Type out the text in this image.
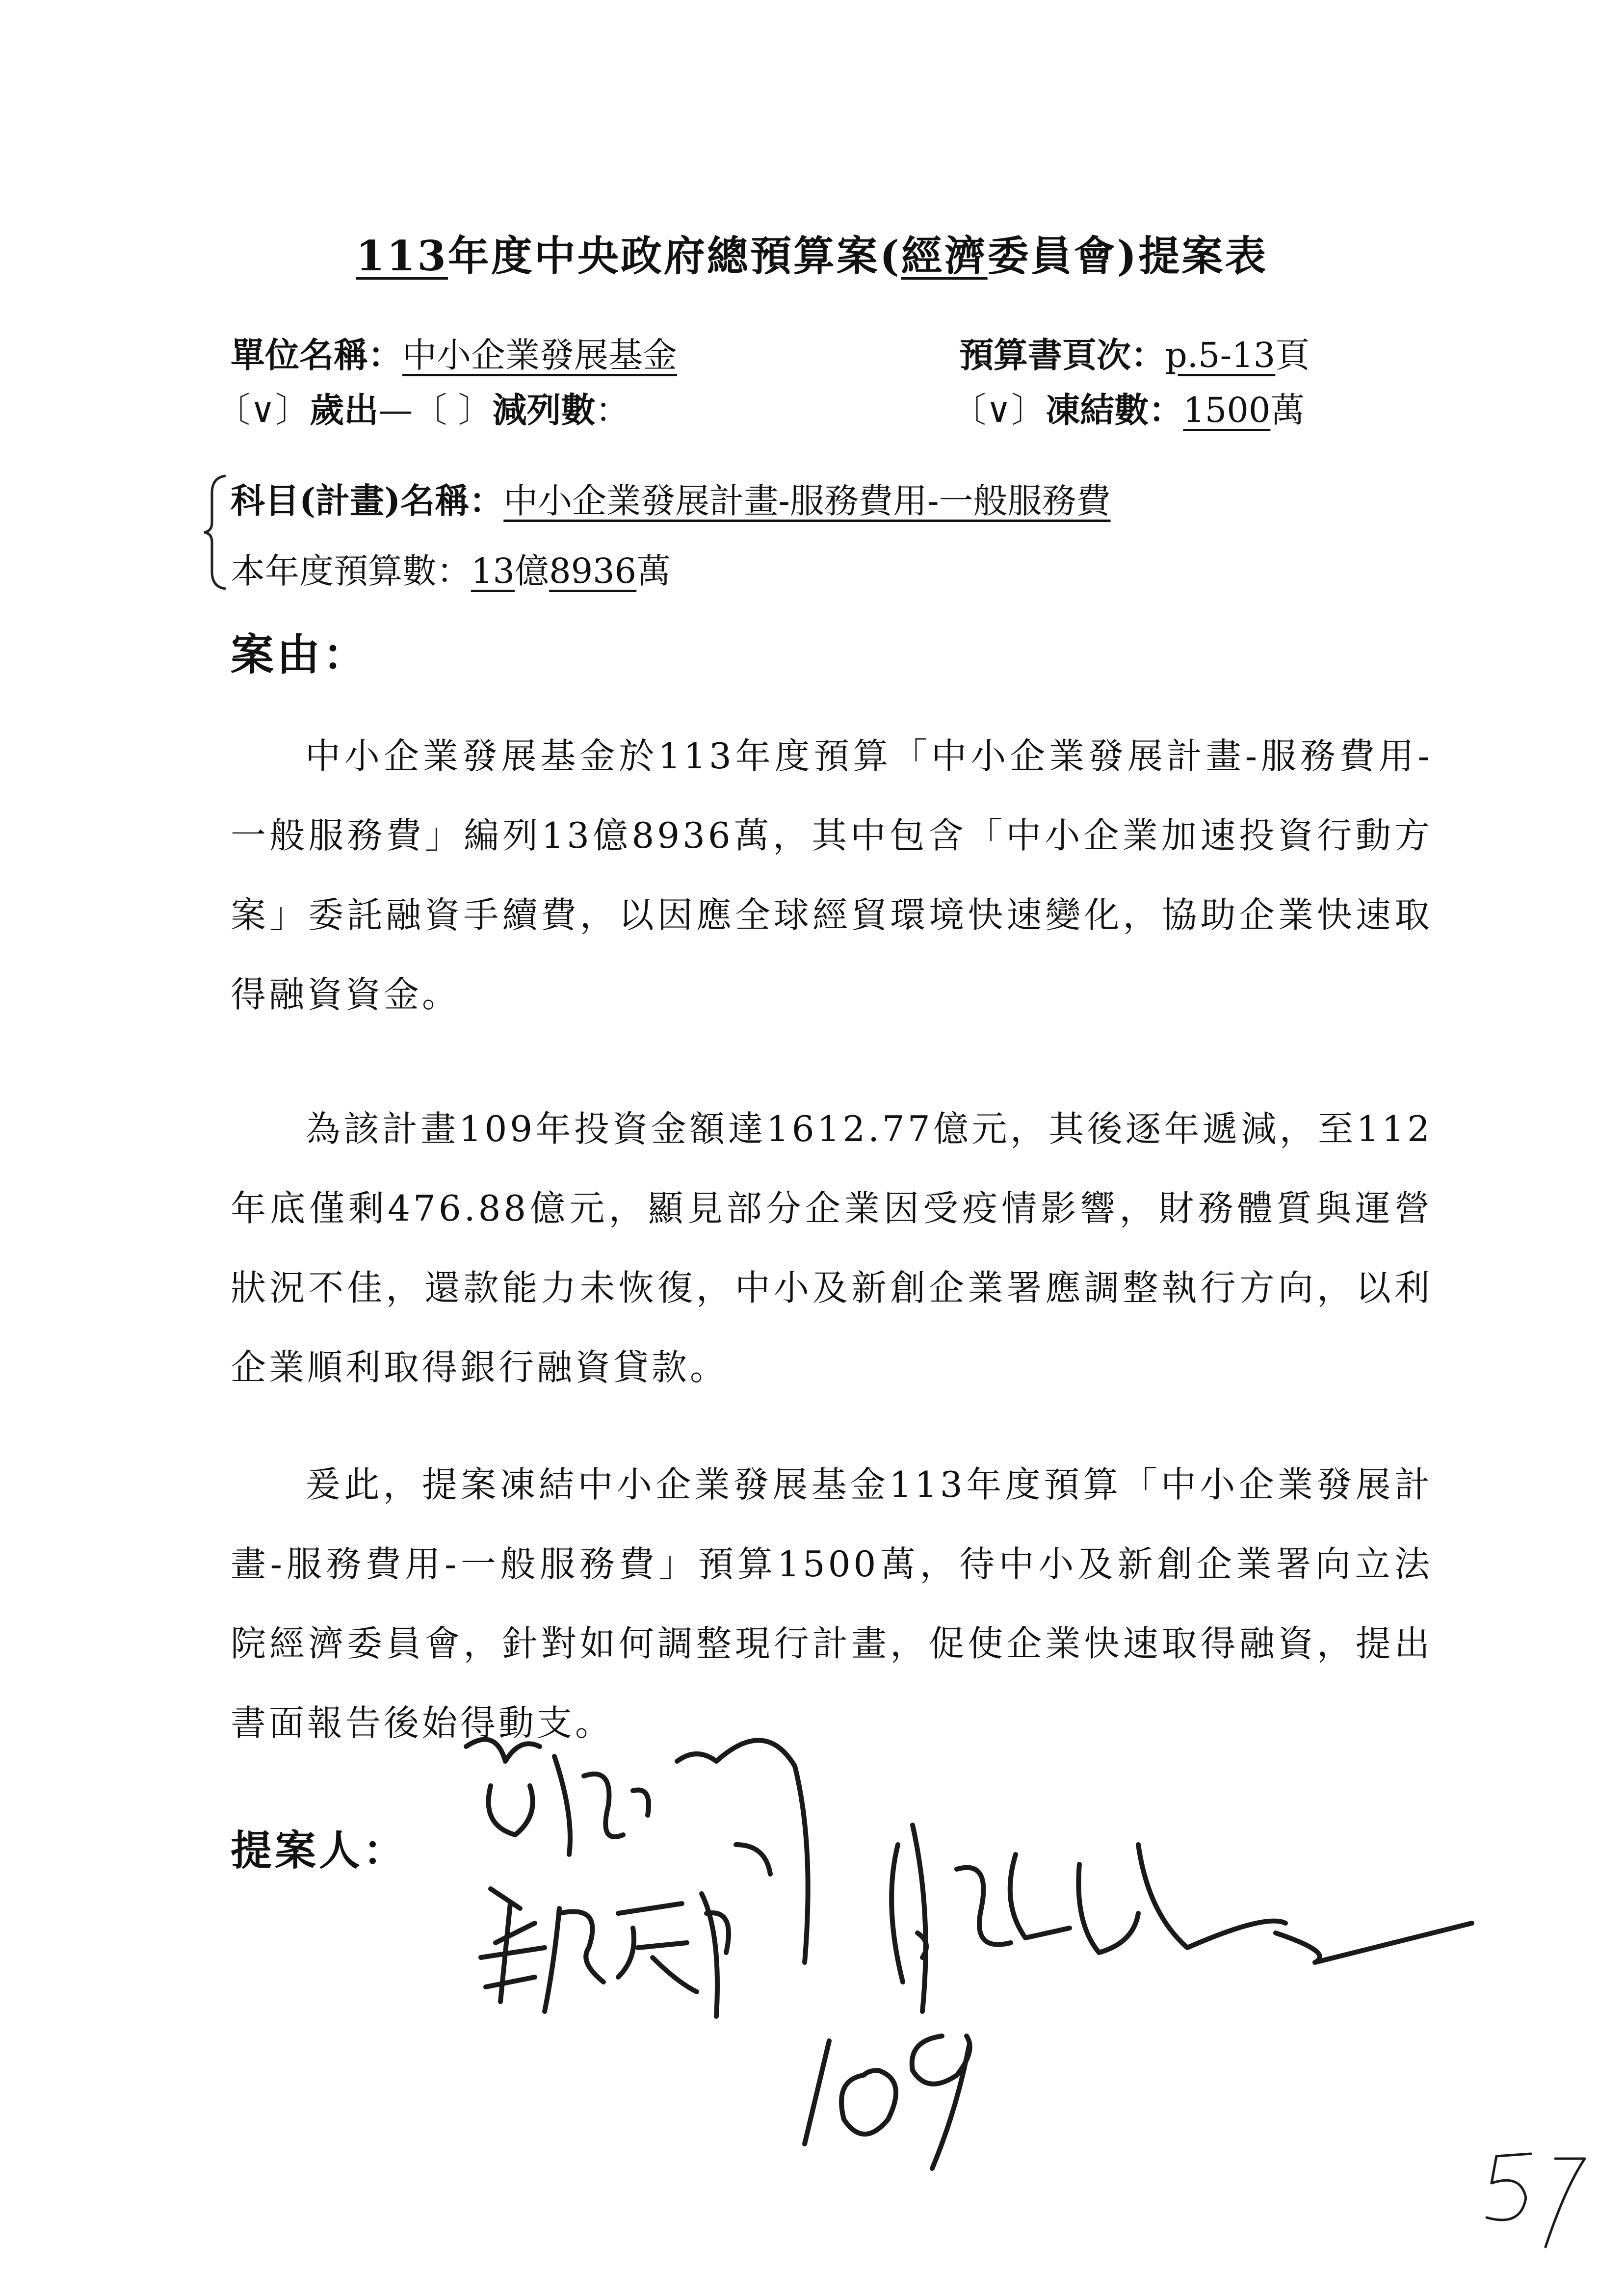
113年度中央政府總預算案(經濟委員會)提案表
單位名稱：中小企業發展基金	預算書頁次：p.5-13頁
〔∨〕歲出—〔 〕減列數：	〔∨〕凍結數：1500萬
科目(計畫)名稱：中小企業發展計畫-服務費用-一般服務費
本年度預算數：13億8936萬
案由：
中小企業發展基金於113年度預算「中小企業發展計畫-服務費用-一般服務費」編列13億8936萬，其中包含「中小企業加速投資行動方案」委託融資手續費，以因應全球經貿環境快速變化，協助企業快速取得融資資金。
為該計畫109年投資金額達1612.77億元，其後逐年遞減，至112年底僅剩476.88億元，顯見部分企業因受疫情影響，財務體質與運營狀況不佳，還款能力未恢復，中小及新創企業署應調整執行方向，以利企業順利取得銀行融資貸款。
爰此，提案凍結中小企業發展基金113年度預算「中小企業發展計畫-服務費用-一般服務費」預算1500萬，待中小及新創企業署向立法院經濟委員會，針對如何調整現行計畫，促使企業快速取得融資，提出書面報告後始得動支。
提案人：
